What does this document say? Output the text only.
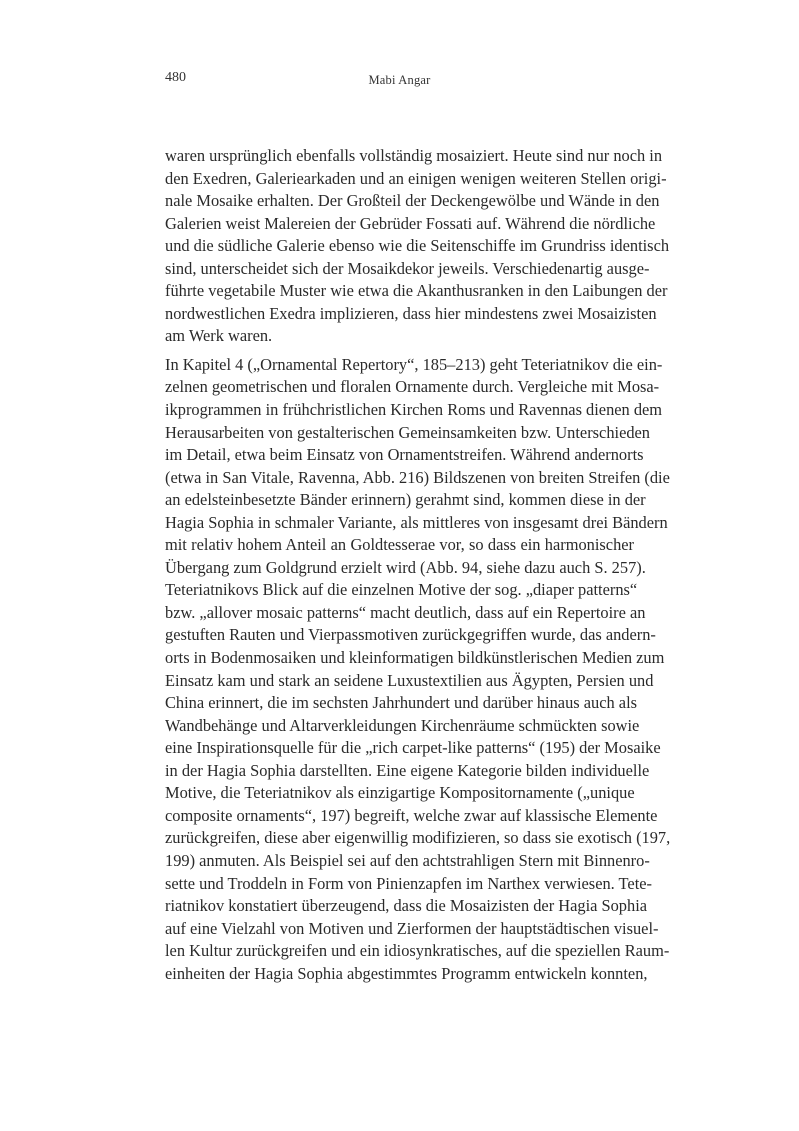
480	Mabi Angar

waren ursprünglich ebenfalls vollständig mosaiziert. Heute sind nur noch in
den Exedren, Galeriearkaden und an einigen wenigen weiteren Stellen origi-
nale Mosaike erhalten. Der Großteil der Deckengewölbe und Wände in den
Galerien weist Malereien der Gebrüder Fossati auf. Während die nördliche
und die südliche Galerie ebenso wie die Seitenschiffe im Grundriss identisch
sind, unterscheidet sich der Mosaikdekor jeweils. Verschiedenartig ausge-
führte vegetabile Muster wie etwa die Akanthusranken in den Laibungen der
nordwestlichen Exedra implizieren, dass hier mindestens zwei Mosaizisten
am Werk waren.

In Kapitel 4 („Ornamental Repertory“, 185–213) geht Teteriatnikov die ein-
zelnen geometrischen und floralen Ornamente durch. Vergleiche mit Mosa-
ikprogrammen in frühchristlichen Kirchen Roms und Ravennas dienen dem
Herausarbeiten von gestalterischen Gemeinsamkeiten bzw. Unterschieden
im Detail, etwa beim Einsatz von Ornamentstreifen. Während andernorts
(etwa in San Vitale, Ravenna, Abb. 216) Bildszenen von breiten Streifen (die
an edelsteinbesetzte Bänder erinnern) gerahmt sind, kommen diese in der
Hagia Sophia in schmaler Variante, als mittleres von insgesamt drei Bändern
mit relativ hohem Anteil an Goldtesserae vor, so dass ein harmonischer
Übergang zum Goldgrund erzielt wird (Abb. 94, siehe dazu auch S. 257).
Teteriatnikovs Blick auf die einzelnen Motive der sog. „diaper patterns“
bzw. „allover mosaic patterns“ macht deutlich, dass auf ein Repertoire an
gestuften Rauten und Vierpassmotiven zurückgegriffen wurde, das andern-
orts in Bodenmosaiken und kleinformatigen bildkünstlerischen Medien zum
Einsatz kam und stark an seidene Luxustextilien aus Ägypten, Persien und
China erinnert, die im sechsten Jahrhundert und darüber hinaus auch als
Wandbehänge und Altarverkleidungen Kirchenräume schmückten sowie
eine Inspirationsquelle für die „rich carpet-like patterns“ (195) der Mosaike
in der Hagia Sophia darstellten. Eine eigene Kategorie bilden individuelle
Motive, die Teteriatnikov als einzigartige Kompositornamente („unique
composite ornaments“, 197) begreift, welche zwar auf klassische Elemente
zurückgreifen, diese aber eigenwillig modifizieren, so dass sie exotisch (197,
199) anmuten. Als Beispiel sei auf den achtstrahligen Stern mit Binnenro-
sette und Troddeln in Form von Pinienzapfen im Narthex verwiesen. Tete-
riatnikov konstatiert überzeugend, dass die Mosaizisten der Hagia Sophia
auf eine Vielzahl von Motiven und Zierformen der hauptstädtischen visuel-
len Kultur zurückgreifen und ein idiosynkratisches, auf die speziellen Raum-
einheiten der Hagia Sophia abgestimmtes Programm entwickeln konnten,
